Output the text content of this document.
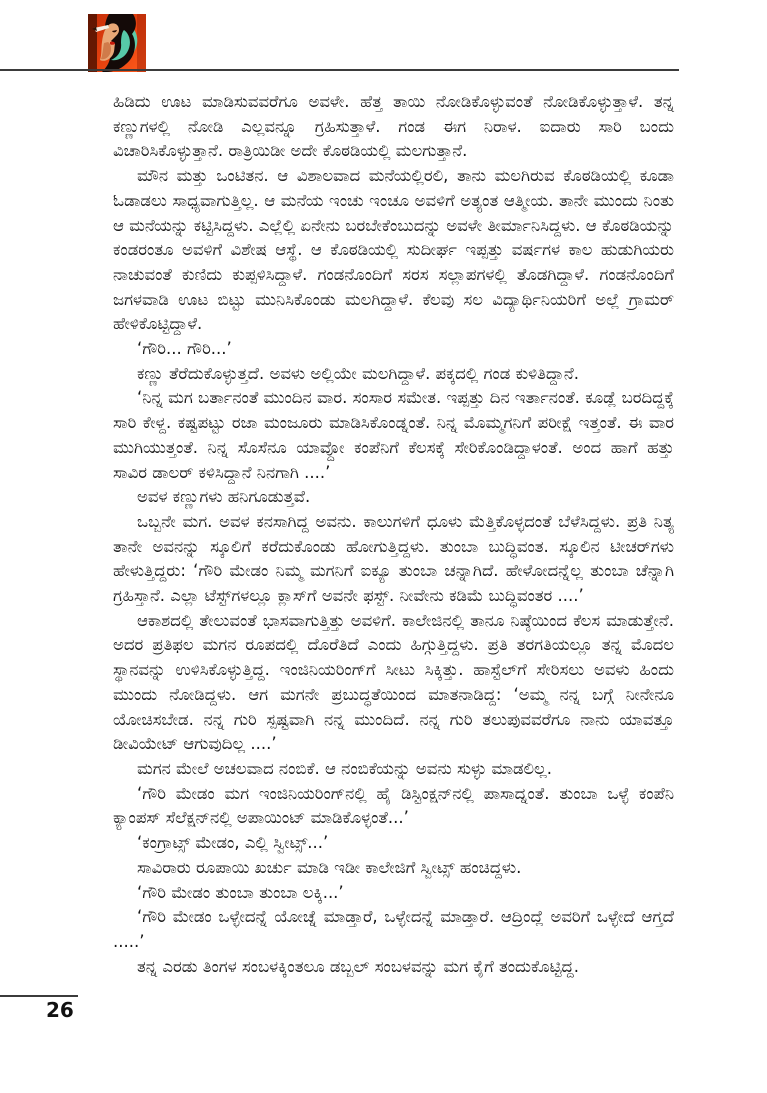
ಹಿಡಿದು ಊಟ ಮಾಡಿಸುವವರೆಗೂ ಅವಳೇ. ಹೆತ್ತ ತಾಯಿ ನೋಡಿಕೊಳ್ಳುವಂತೆ ನೋಡಿಕೊಳ್ಳುತ್ತಾಳೆ. ತನ್ನ ಕಣ್ಣುಗಳಲ್ಲಿ ನೋಡಿ ಎಲ್ಲವನ್ನೂ ಗ್ರಹಿಸುತ್ತಾಳೆ. ಗಂಡ ಈಗ ನಿರಾಳ. ಐದಾರು ಸಾರಿ ಬಂದು ವಿಚಾರಿಸಿಕೊಳ್ಳುತ್ತಾನೆ. ರಾತ್ರಿಯಿಡೀ ಅದೇ ಕೊಠಡಿಯಲ್ಲಿ ಮಲಗುತ್ತಾನೆ.

ಮೌನ ಮತ್ತು ಒಂಟಿತನ. ಆ ವಿಶಾಲವಾದ ಮನೆಯಲ್ಲಿರಲಿ, ತಾನು ಮಲಗಿರುವ ಕೊಠಡಿಯಲ್ಲಿ ಕೂಡಾ ಓಡಾಡಲು ಸಾಧ್ಯವಾಗುತ್ತಿಲ್ಲ. ಆ ಮನೆಯ ಇಂಚು ಇಂಚೂ ಅವಳಿಗೆ ಅತ್ಯಂತ ಆತ್ಮೀಯ. ತಾನೇ ಮುಂದು ನಿಂತು ಆ ಮನೆಯನ್ನು ಕಟ್ಟಿಸಿದ್ದಳು. ಎಲ್ಲೆಲ್ಲಿ ಏನೇನು ಬರಬೇಕೆಂಬುದನ್ನು ಅವಳೇ ತೀರ್ಮಾನಿಸಿದ್ದಳು. ಆ ಕೊಠಡಿಯನ್ನು ಕಂಡರಂತೂ ಅವಳಿಗೆ ವಿಶೇಷ ಆಸ್ಥೆ. ಆ ಕೊಠಡಿಯಲ್ಲಿ ಸುದೀರ್ಘ ಇಪ್ಪತ್ತು ವರ್ಷಗಳ ಕಾಲ ಹುಡುಗಿಯರು ನಾಚುವಂತೆ ಕುಣಿದು ಕುಪ್ಪಳಿಸಿದ್ದಾಳೆ. ಗಂಡನೊಂದಿಗೆ ಸರಸ ಸಲ್ಲಾಪಗಳಲ್ಲಿ ತೊಡಗಿದ್ದಾಳೆ. ಗಂಡನೊಂದಿಗೆ ಜಗಳವಾಡಿ ಊಟ ಬಿಟ್ಟು ಮುನಿಸಿಕೊಂಡು ಮಲಗಿದ್ದಾಳೆ. ಕೆಲವು ಸಲ ವಿದ್ಯಾರ್ಥಿನಿಯರಿಗೆ ಅಲ್ಲೆ ಗ್ರಾಮರ್ ಹೇಳಿಕೊಟ್ಟಿದ್ದಾಳೆ.

‘ಗೌರಿ... ಗೌರಿ...’

ಕಣ್ಣು ತೆರೆದುಕೊಳ್ಳುತ್ತದೆ. ಅವಳು ಅಲ್ಲಿಯೇ ಮಲಗಿದ್ದಾಳೆ. ಪಕ್ಕದಲ್ಲಿ ಗಂಡ ಕುಳಿತಿದ್ದಾನೆ.

‘ನಿನ್ನ ಮಗ ಬರ್ತಾನಂತೆ ಮುಂದಿನ ವಾರ. ಸಂಸಾರ ಸಮೇತ. ಇಪ್ಪತ್ತು ದಿನ ಇರ್ತಾನಂತೆ. ಕೂಡ್ಲೆ ಬರದಿದ್ದಕ್ಕೆ ಸಾರಿ ಕೇಳ್ದ. ಕಷ್ಟಪಟ್ಟು ರಜಾ ಮಂಜೂರು ಮಾಡಿಸಿಕೊಂಡ್ನಂತೆ. ನಿನ್ನ ಮೊಮ್ಮಗನಿಗೆ ಪರೀಕ್ಷೆ ಇತ್ತಂತೆ. ಈ ವಾರ ಮುಗಿಯುತ್ತಂತೆ. ನಿನ್ನ ಸೊಸೆನೂ ಯಾವ್ದೋ ಕಂಪೆನಿಗೆ ಕೆಲಸಕ್ಕೆ ಸೇರಿಕೊಂಡಿದ್ದಾಳಂತೆ. ಅಂದ ಹಾಗೆ ಹತ್ತು ಸಾವಿರ ಡಾಲರ್ ಕಳಿಸಿದ್ದಾನೆ ನಿನಗಾಗಿ ....’

ಅವಳ ಕಣ್ಣುಗಳು ಹನಿಗೂಡುತ್ತವೆ.

ಒಬ್ಬನೇ ಮಗ. ಅವಳ ಕನಸಾಗಿದ್ದ ಅವನು. ಕಾಲುಗಳಿಗೆ ಧೂಳು ಮೆತ್ತಿಕೊಳ್ಳದಂತೆ ಬೆಳೆಸಿದ್ದಳು. ಪ್ರತಿ ನಿತ್ಯ ತಾನೇ ಅವನನ್ನು ಸ್ಕೂಲಿಗೆ ಕರೆದುಕೊಂಡು ಹೋಗುತ್ತಿದ್ದಳು. ತುಂಬಾ ಬುದ್ಧಿವಂತ. ಸ್ಕೂಲಿನ ಟೀಚರ್‌ಗಳು ಹೇಳುತ್ತಿದ್ದರು: ‘ಗೌರಿ ಮೇಡಂ ನಿಮ್ಮ ಮಗನಿಗೆ ಐಕ್ಯೂ ತುಂಬಾ ಚನ್ನಾಗಿದೆ. ಹೇಳೋದನ್ನೆಲ್ಲ ತುಂಬಾ ಚೆನ್ನಾಗಿ ಗ್ರಹಿಸ್ತಾನೆ. ಎಲ್ಲಾ ಟೆಸ್ಟ್‌ಗಳಲ್ಲೂ ಕ್ಲಾಸ್‌ಗೆ ಅವನೇ ಫಸ್ಟ್. ನೀವೇನು ಕಡಿಮೆ ಬುದ್ಧಿವಂತರ ....’

ಆಕಾಶದಲ್ಲಿ ತೇಲುವಂತೆ ಭಾಸವಾಗುತ್ತಿತ್ತು ಅವಳಿಗೆ. ಕಾಲೇಜಿನಲ್ಲಿ ತಾನೂ ನಿಷ್ಠೆಯಿಂದ ಕೆಲಸ ಮಾಡುತ್ತೇನೆ. ಅದರ ಪ್ರತಿಫಲ ಮಗನ ರೂಪದಲ್ಲಿ ದೊರೆತಿದೆ ಎಂದು ಹಿಗ್ಗುತ್ತಿದ್ದಳು. ಪ್ರತಿ ತರಗತಿಯಲ್ಲೂ ತನ್ನ ಮೊದಲ ಸ್ಥಾನವನ್ನು ಉಳಿಸಿಕೊಳ್ಳುತ್ತಿದ್ದ. ಇಂಜಿನಿಯರಿಂಗ್‌ಗೆ ಸೀಟು ಸಿಕ್ಕಿತ್ತು. ಹಾಸ್ಟೆಲ್‌ಗೆ ಸೇರಿಸಲು ಅವಳು ಹಿಂದು ಮುಂದು ನೋಡಿದ್ದಳು. ಆಗ ಮಗನೇ ಪ್ರಬುದ್ಧತೆಯಿಂದ ಮಾತನಾಡಿದ್ದ: ‘ಅಮ್ಮ ನನ್ನ ಬಗ್ಗೆ ನೀನೇನೂ ಯೋಚಿಸಬೇಡ. ನನ್ನ ಗುರಿ ಸ್ಪಷ್ಟವಾಗಿ ನನ್ನ ಮುಂದಿದೆ. ನನ್ನ ಗುರಿ ತಲುಪುವವರೆಗೂ ನಾನು ಯಾವತ್ತೂ ಡೀವಿಯೇಟ್ ಆಗುವುದಿಲ್ಲ ....’

ಮಗನ ಮೇಲೆ ಅಚಲವಾದ ನಂಬಿಕೆ. ಆ ನಂಬಿಕೆಯನ್ನು ಅವನು ಸುಳ್ಳು ಮಾಡಲಿಲ್ಲ.

‘ಗೌರಿ ಮೇಡಂ ಮಗ ಇಂಜಿನಿಯರಿಂಗ್‌ನಲ್ಲಿ ಹೈ ಡಿಸ್ಟಿಂಕ್ಷನ್‌ನಲ್ಲಿ ಪಾಸಾದ್ನಂತೆ. ತುಂಬಾ ಒಳ್ಳೆ ಕಂಪೆನಿ ಕ್ಯಾಂಪಸ್ ಸೆಲೆಕ್ಷನ್‌ನಲ್ಲಿ ಅಪಾಯಿಂಟ್ ಮಾಡಿಕೊಳ್ಳಂತೆ...’

‘ಕಂಗ್ರಾಟ್ಸ್ ಮೇಡಂ, ಎಲ್ಲಿ ಸ್ವೀಟ್ಸ್...’

ಸಾವಿರಾರು ರೂಪಾಯಿ ಖರ್ಚು ಮಾಡಿ ಇಡೀ ಕಾಲೇಜಿಗೆ ಸ್ವೀಟ್ಸ್ ಹಂಚಿದ್ದಳು.

‘ಗೌರಿ ಮೇಡಂ ತುಂಬಾ ತುಂಬಾ ಲಕ್ಕಿ...’

‘ಗೌರಿ ಮೇಡಂ ಒಳ್ಳೇದನ್ನೆ ಯೋಚ್ನೆ ಮಾಡ್ತಾರೆ, ಒಳ್ಳೇದನ್ನೆ ಮಾಡ್ತಾರೆ. ಆದ್ರಿಂದ್ಲೆ ಅವರಿಗೆ ಒಳ್ಳೇದೆ ಆಗ್ತದೆ .....’

ತನ್ನ ಎರಡು ತಿಂಗಳ ಸಂಬಳಕ್ಕಿಂತಲೂ ಡಬ್ಬಲ್ ಸಂಬಳವನ್ನು ಮಗ ಕೈಗೆ ತಂದುಕೊಟ್ಟಿದ್ದ.

26
